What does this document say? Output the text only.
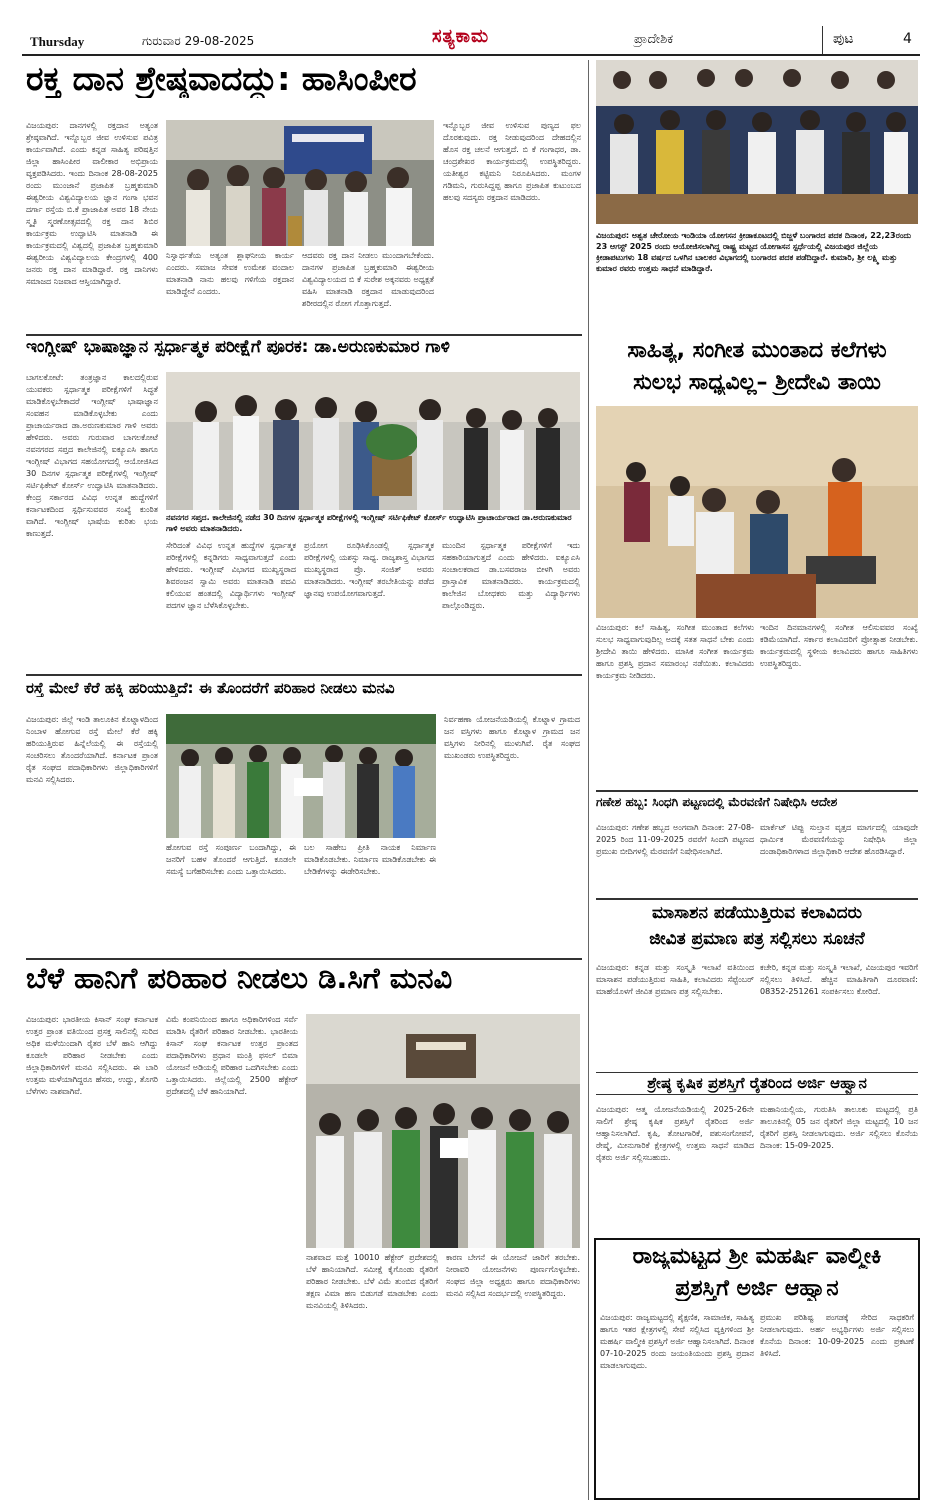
Thursday	ಗುರುವಾರ 29-08-2025	ಸತ್ಯಕಾಮ	ಪ್ರಾದೇಶಿಕ	ಪುಟ	4
ರಕ್ತ ದಾನ ಶ್ರೇಷ್ಠವಾದದ್ದು: ಹಾಸಿಂಪೀರ
ವಿಜಯಪುರ: ದಾನಗಳಲ್ಲಿ ರಕ್ತದಾನ ಅತ್ಯಂತ ಶ್ರೇಷ್ಠವಾಗಿದೆ. ಇನ್ನೊಬ್ಬರ ಜೀವ ಉಳಿಸುವ ಪವಿತ್ರ ಕಾರ್ಯವಾಗಿದೆ. ಎಂದು ಕನ್ನಡ ಸಾಹಿತ್ಯ ಪರಿಷತ್ತಿನ ಜಿಲ್ಲಾ ಹಾಸಿಂಪೀರ ವಾಲೀಕಾರ ಅಭಿಪ್ರಾಯ ವ್ಯಕ್ತಪಡಿಸಿದರು. ಇಂದು ದಿನಾಂಕ 28-08-2025 ರಂದು ಮುಂಜಾನೆ ಪ್ರಜಾಪಿತ ಬ್ರಹ್ಮಕುಮಾರಿ ಈಶ್ವರೀಯ ವಿಶ್ವವಿದ್ಯಾಲಯ ಜ್ಞಾನ ಗಂಗಾ ಭವನ ದರ್ಗಾ ರಸ್ತೆಯ ಬಿ.ಕೆ ಪ್ರಾಜಾಪಿತ ಅವರ 18 ನೇಯ ಸ್ಮೃತಿ ಸ್ಮರಣೋತ್ಸವದಲ್ಲಿ ರಕ್ತ ದಾನ ಶಿಬಿರ ಕಾರ್ಯಕ್ರಮ ಉದ್ಘಾಟಿಸಿ ಮಾತನಾಡಿ ಈ ಕಾರ್ಯಕ್ರಮದಲ್ಲಿ ವಿಶ್ವದಲ್ಲಿ ಪ್ರಜಾಪಿತ ಬ್ರಹ್ಮಕುಮಾರಿ ಈಶ್ವರೀಯ ವಿಶ್ವವಿದ್ಯಾಲಯ ಕೇಂದ್ರಗಳಲ್ಲಿ 400 ಜನರು ರಕ್ತ ದಾನ ಮಾಡಿದ್ದಾರೆ. ರಕ್ತ ದಾನಿಗಳು ಸಮಾಜದ ನಿಜವಾದ ಆಸ್ತಿಯಾಗಿದ್ದಾರೆ.
ನಿಸ್ವಾರ್ಥತೆಯ ಅತ್ಯಂತ ಶ್ಲಾಘನೀಯ ಕಾರ್ಯ ಎಂದರು. ಸಮಾಜ ಸೇವಕ ಉಮೇಶ ವಂದಾಲ ಮಾತನಾಡಿ ನಾನು ಹಲವು ಗಳಿಗೆಯ ರಕ್ತದಾನ ಮಾಡಿದ್ದೇನೆ ಎಂದರು.
ಆದವರು ರಕ್ತ ದಾನ ನೀಡಲು ಮುಂದಾಗಬೇಕೆಂದು. ದಾನಗಳ ಪ್ರಜಾಪಿತ ಬ್ರಹ್ಮಕುಮಾರಿ ಈಶ್ವರೀಯ ವಿಶ್ವವಿದ್ಯಾಲಯದ ಬಿ ಕೆ ಸುರೇಶ ಅಕ್ಕನವರು ಅಧ್ಯಕ್ಷತೆ ವಹಿಸಿ ಮಾತನಾಡಿ ರಕ್ತದಾನ ಮಾಡುವುದರಿಂದ ಶರೀರದಲ್ಲಿನ ರೋಗ ಗೊತ್ತಾಗುತ್ತದೆ.
ಇನ್ನೊಬ್ಬರ ಜೀವ ಉಳಿಸುವ ಪುಣ್ಯದ ಫಲ ದೊರಕುವುದು. ರಕ್ತ ನೀಡುವುದರಿಂದ ದೇಹದಲ್ಲಿನ ಹೊಸ ರಕ್ತ ಚಲನೆ ಆಗುತ್ತದೆ. ಬಿ ಕೆ ಗಂಗಾಧರ, ಡಾ. ಚಂದ್ರಶೇಖರ ಕಾರ್ಯಕ್ರಮದಲ್ಲಿ ಉಪಸ್ಥಿತರಿದ್ದರು. ಯತೀಶ್ವರ ಕಟ್ಟಿಮನಿ ನಿರೂಪಿಸಿದರು. ಮಂಗಳ ಗಡಿಮನಿ, ಗುರುಸಿದ್ದಪ್ಪ ಹಾಗೂ ಪ್ರಜಾಪಿತ ಕುಟುಂಬದ ಹಲವು ಸದಸ್ಯರು ರಕ್ತದಾನ ಮಾಡಿದರು.
ಇಂಗ್ಲೀಷ್ ಭಾಷಾಜ್ಞಾನ ಸ್ಪರ್ಧಾತ್ಮಕ ಪರೀಕ್ಷೆಗೆ ಪೂರಕ: ಡಾ.ಅರುಣಕುಮಾರ ಗಾಳಿ
ಬಾಗಲಕೋಟೆ: ತಂತ್ರಜ್ಞಾನ ಕಾಲದಲ್ಲಿರುವ ಯುವಕರು ಸ್ಪರ್ಧಾತ್ಮಕ ಪರೀಕ್ಷೆಗಳಿಗೆ ಸಿದ್ಧತೆ ಮಾಡಿಕೊಳ್ಳಬೇಕಾದರೆ ಇಂಗ್ಲೀಷ್ ಭಾಷಾಜ್ಞಾನ ಸಂವಹನ ಮಾಡಿಕೊಳ್ಳಬೇಕು ಎಂದು ಪ್ರಾಚಾರ್ಯರಾದ ಡಾ.ಅರುಣಕುಮಾರ ಗಾಳಿ ಅವರು ಹೇಳಿದರು. ಅವರು ಗುರುವಾರ ಬಾಗಲಕೋಟೆ ನವನಗರದ ಸಪ್ತದ ಕಾಲೇಜಿನಲ್ಲಿ ಐಕ್ಯೂಎಸಿ ಹಾಗೂ ಇಂಗ್ಲೀಷ್ ವಿಭಾಗದ ಸಹಯೋಗದಲ್ಲಿ ಆಯೋಜಿಸಿದ 30 ದಿನಗಳ ಸ್ಪರ್ಧಾತ್ಮಕ ಪರೀಕ್ಷೆಗಳಲ್ಲಿ ಇಂಗ್ಲೀಷ್ ಸರ್ಟಿಫಿಕೇಟ್ ಕೋರ್ಸ್ ಉದ್ಘಾಟಿಸಿ ಮಾತನಾಡಿದರು. ಕೇಂದ್ರ ಸರ್ಕಾರದ ವಿವಿಧ ಉನ್ನತ ಹುದ್ದೆಗಳಿಗೆ ಕರ್ನಾಟಕದಿಂದ ಸ್ಪರ್ಧಿಸುವವರ ಸಂಖ್ಯೆ ಕುಂಠಿತ ವಾಗಿದೆ. ಇಂಗ್ಲೀಷ್ ಭಾಷೆಯ ಕುರಿತು ಭಯ ಕಾಣುತ್ತದೆ.
ನವನಗರ ಸಪ್ತದ. ಕಾಲೇಜಿನಲ್ಲಿ ನಡೆದ 30 ದಿನಗಳ ಸ್ಪರ್ಧಾತ್ಮಕ ಪರೀಕ್ಷೆಗಳಲ್ಲಿ ಇಂಗ್ಲೀಷ್ ಸರ್ಟಿಫಿಕೇಟ್ ಕೋರ್ಸ್ ಉದ್ಘಾಟಿಸಿ ಪ್ರಾಚಾರ್ಯರಾದ ಡಾ.ಅರುಣಕುಮಾರ ಗಾಳಿ ಅವರು ಮಾತನಾಡಿದರು.
ಸೇರಿದಂತೆ ವಿವಿಧ ಉನ್ನತ ಹುದ್ದೆಗಳ ಸ್ಪರ್ಧಾತ್ಮಕ ಪರೀಕ್ಷೆಗಳಲ್ಲಿ ಕನ್ನಡಿಗರು ಸಾಧ್ಯವಾಗುತ್ತದೆ ಎಂದು ಹೇಳಿದರು. ಇಂಗ್ಲೀಷ್ ವಿಭಾಗದ ಮುಖ್ಯಸ್ಥರಾದ ಶಿವರಂಜನ ಸ್ವಾಮಿ ಅವರು ಮಾತನಾಡಿ ಪದವಿ ಕಲಿಯುವ ಹಂತದಲ್ಲಿ ವಿದ್ಯಾರ್ಥಿಗಳು ಇಂಗ್ಲೀಷ್ ಪದಗಳ ಜ್ಞಾನ ಬೆಳೆಸಿಕೊಳ್ಳಬೇಕು.
ಪ್ರಯೋಗ ರೂಢಿಸಿಕೊಂಡಲ್ಲಿ ಸ್ಪರ್ಧಾತ್ಮಕ ಪರೀಕ್ಷೆಗಳಲ್ಲಿ ಯಶಸ್ಸು ಸಾಧ್ಯ. ರಾಜ್ಯಶಾಸ್ತ್ರ ವಿಭಾಗದ ಮುಖ್ಯಸ್ಥರಾದ ಪ್ರೊ. ಸಂಜಿತ್ ಅವರು ಮಾತನಾಡಿದರು. ಇಂಗ್ಲೀಷ್ ತರಬೇತಿಯನ್ನು ಪಡೆದ ಜ್ಞಾನವು ಉಪಯೋಗವಾಗುತ್ತದೆ.
ಮುಂದಿನ ಸ್ಪರ್ಧಾತ್ಮಕ ಪರೀಕ್ಷೆಗಳಿಗೆ ಇದು ಸಹಕಾರಿಯಾಗುತ್ತದೆ ಎಂದು ಹೇಳಿದರು. ಐಕ್ಯೂಎಸಿ ಸಂಚಾಲಕರಾದ ಡಾ.ಬಸವರಾಜ ಬೀಳಗಿ ಅವರು ಪ್ರಾಸ್ತಾವಿಕ ಮಾತನಾಡಿದರು. ಕಾರ್ಯಕ್ರಮದಲ್ಲಿ ಕಾಲೇಜಿನ ಬೋಧಕರು ಮತ್ತು ವಿದ್ಯಾರ್ಥಿಗಳು ಪಾಲ್ಗೊಂಡಿದ್ದರು.
ರಸ್ತೆ ಮೇಲೆ ಕೆರೆ ಹಕ್ಕಿ ಹರಿಯುತ್ತಿದೆ: ಈ ತೊಂದರೆಗೆ ಪರಿಹಾರ ನೀಡಲು ಮನವಿ
ವಿಜಯಪುರ: ಜಿಲ್ಲೆ ಇಂಡಿ ತಾಲೂಕಿನ ಕೊಟ್ನಾಳದಿಂದ ನಿಂಬಾಳ ಹೋಗುವ ರಸ್ತೆ ಮೇಲೆ ಕೆರೆ ಹಕ್ಕಿ ಹರಿಯುತ್ತಿರುವ ಹಿನ್ನೆಲೆಯಲ್ಲಿ ಈ ರಸ್ತೆಯಲ್ಲಿ ಸಂಚರಿಸಲು ತೊಂದರೆಯಾಗಿದೆ. ಕರ್ನಾಟಕ ಪ್ರಾಂತ ರೈತ ಸಂಘದ ಪದಾಧಿಕಾರಿಗಳು ಜಿಲ್ಲಾಧಿಕಾರಿಗಳಿಗೆ ಮನವಿ ಸಲ್ಲಿಸಿದರು.
ಹೋಗುವ ರಸ್ತೆ ಸಂಪೂರ್ಣ ಬಂದಾಗಿದ್ದು, ಈ ಜನರಿಗೆ ಬಹಳ ತೊಂದರೆ ಆಗುತ್ತಿದೆ. ಕೂಡಲೇ ಸಮಸ್ಯೆ ಬಗೆಹರಿಸಬೇಕು ಎಂದು ಒತ್ತಾಯಿಸಿದರು.
ಬಲ ಸಾಹೇಬ ಪ್ರೀತಿ ನಾಯಕ ನಿರ್ಮಾಣ ಮಾಡಿಕೊಡಬೇಕು. ನಿರ್ಮಾಣ ಮಾಡಿಕೊಡಬೇಕು ಈ ಬೇಡಿಕೆಗಳನ್ನು ಈಡೇರಿಸಬೇಕು.
ನಿರ್ವಹಣಾ ಯೋಜನೆಯಡಿಯಲ್ಲಿ ಕೊಟ್ನಾಳ ಗ್ರಾಮದ ಜನ ವಸ್ತಿಗಳು ಹಾಗೂ ಕೊಟ್ನಾಳ ಗ್ರಾಮದ ಜನ ವಸ್ತಿಗಳು ನೀರಿನಲ್ಲಿ ಮುಳುಗಿವೆ. ರೈತ ಸಂಘದ ಮುಖಂಡರು ಉಪಸ್ಥಿತರಿದ್ದರು.
ಬೆಳೆ ಹಾನಿಗೆ ಪರಿಹಾರ ನೀಡಲು ಡಿ.ಸಿಗೆ ಮನವಿ
ವಿಜಯಪುರ: ಭಾರತೀಯ ಕಿಸಾನ್ ಸಂಘ ಕರ್ನಾಟಕ ಉತ್ತರ ಪ್ರಾಂತ ವತಿಯಿಂದ ಪ್ರಸಕ್ತ ಸಾಲಿನಲ್ಲಿ ಸುರಿದ ಅಧಿಕ ಮಳೆಯಿಂದಾಗಿ ರೈತರ ಬೆಳೆ ಹಾನಿ ಆಗಿದ್ದು ಕೂಡಲೇ ಪರಿಹಾರ ನೀಡಬೇಕು ಎಂದು ಜಿಲ್ಲಾಧಿಕಾರಿಗಳಿಗೆ ಮನವಿ ಸಲ್ಲಿಸಿದರು. ಈ ಬಾರಿ ಉತ್ತಮ ಮಳೆಯಾಗಿದ್ದರೂ ಹೆಸರು, ಉದ್ದು, ತೊಗರಿ ಬೆಳೆಗಳು ನಾಶವಾಗಿವೆ.
ವಿಮೆ ಕಂಪನಿಯಿಂದ ಹಾಗೂ ಅಧಿಕಾರಿಗಳಿಂದ ಸರ್ವೆ ಮಾಡಿಸಿ ರೈತರಿಗೆ ಪರಿಹಾರ ನೀಡಬೇಕು. ಭಾರತೀಯ ಕಿಸಾನ್ ಸಂಘ ಕರ್ನಾಟಕ ಉತ್ತರ ಪ್ರಾಂತದ ಪದಾಧಿಕಾರಿಗಳು ಪ್ರಧಾನ ಮಂತ್ರಿ ಫಸಲ್ ಬಿಮಾ ಯೋಜನೆ ಅಡಿಯಲ್ಲಿ ಪರಿಹಾರ ಒದಗಿಸಬೇಕು ಎಂದು ಒತ್ತಾಯಿಸಿದರು. ಜಿಲ್ಲೆಯಲ್ಲಿ 2500 ಹೆಕ್ಟೇರ್ ಪ್ರದೇಶದಲ್ಲಿ ಬೆಳೆ ಹಾನಿಯಾಗಿದೆ.
ನಾಶವಾದ ಮತ್ತೆ 10010 ಹೆಕ್ಟೇರ್ ಪ್ರದೇಶದಲ್ಲಿ ಬೆಳೆ ಹಾನಿಯಾಗಿದೆ. ಸಮೀಕ್ಷೆ ಕೈಗೊಂಡು ರೈತರಿಗೆ ಪರಿಹಾರ ನೀಡಬೇಕು. ಬೆಳೆ ವಿಮೆ ತುಂಬಿದ ರೈತರಿಗೆ ತಕ್ಷಣ ವಿಮಾ ಹಣ ಬಿಡುಗಡೆ ಮಾಡಬೇಕು ಎಂದು ಮನವಿಯಲ್ಲಿ ತಿಳಿಸಿದರು.
ಕಾರಣ ಬೇಗನೆ ಈ ಯೋಜನೆ ಜಾರಿಗೆ ತರಬೇಕು. ನೀರಾವರಿ ಯೋಜನೆಗಳು ಪೂರ್ಣಗೊಳ್ಳಬೇಕು. ಸಂಘದ ಜಿಲ್ಲಾ ಅಧ್ಯಕ್ಷರು ಹಾಗೂ ಪದಾಧಿಕಾರಿಗಳು ಮನವಿ ಸಲ್ಲಿಸಿದ ಸಂದರ್ಭದಲ್ಲಿ ಉಪಸ್ಥಿತರಿದ್ದರು.
ವಿಜಯಪುರ: ಅಶ್ವತ ಚೇರೋಯ ಇಂಡಿಯಾ ಯೋಗಸನ ಕ್ರೀಡಾಕೂಟದಲ್ಲಿ ಬಿಜ್ಜಳೆ ಬಂಗಾರದ ಪದಕ ದಿನಾಂಕ, 22,23ರಂದು 23 ಆಗಸ್ಟ್ 2025 ರಂದು ಆಯೋಜಿಸಲಾಗಿದ್ದ ರಾಷ್ಟ್ರ ಮಟ್ಟದ ಯೋಗಾಸನ ಸ್ಪರ್ಧೆಯಲ್ಲಿ ವಿಜಯಪುರ ಜಿಲ್ಲೆಯ ಕ್ರೀಡಾಪಟುಗಳು 18 ವರ್ಷದ ಒಳಗಿನ ಬಾಲಕರ ವಿಭಾಗದಲ್ಲಿ ಬಂಗಾರದ ಪದಕ ಪಡೆದಿದ್ದಾರೆ. ಕುಮಾರಿ, ಶ್ರೀ ಲಕ್ಷ್ಮಿ ಮತ್ತು ಕುಮಾರ ರವರು ಉತ್ತಮ ಸಾಧನೆ ಮಾಡಿದ್ದಾರೆ.
ಸಾಹಿತ್ಯ, ಸಂಗೀತ ಮುಂತಾದ ಕಲೆಗಳು
ಸುಲಭ ಸಾಧ್ಯವಿಲ್ಲ– ಶ್ರೀದೇವಿ ತಾಯಿ
ವಿಜಯಪುರ: ಕಲೆ ಸಾಹಿತ್ಯ, ಸಂಗೀತ ಮುಂತಾದ ಕಲೆಗಳು ಸುಲಭ ಸಾಧ್ಯವಾಗುವುದಿಲ್ಲ ಅದಕ್ಕೆ ಸತತ ಸಾಧನೆ ಬೇಕು ಎಂದು ಶ್ರೀದೇವಿ ತಾಯಿ ಹೇಳಿದರು. ಮಾಸಿಕ ಸಂಗೀತ ಕಾರ್ಯಕ್ರಮ ಹಾಗೂ ಪ್ರಶಸ್ತಿ ಪ್ರದಾನ ಸಮಾರಂಭ ನಡೆಯಿತು. ಕಲಾವಿದರು ಕಾರ್ಯಕ್ರಮ ನೀಡಿದರು.
ಇಂದಿನ ದಿನಮಾನಗಳಲ್ಲಿ ಸಂಗೀತ ಆಲಿಸುವವರ ಸಂಖ್ಯೆ ಕಡಿಮೆಯಾಗಿದೆ. ಸರ್ಕಾರ ಕಲಾವಿದರಿಗೆ ಪ್ರೋತ್ಸಾಹ ನೀಡಬೇಕು. ಕಾರ್ಯಕ್ರಮದಲ್ಲಿ ಸ್ಥಳೀಯ ಕಲಾವಿದರು ಹಾಗೂ ಸಾಹಿತಿಗಳು ಉಪಸ್ಥಿತರಿದ್ದರು.
ಗಣೇಶ ಹಬ್ಬ: ಸಿಂಧಗಿ ಪಟ್ಟಣದಲ್ಲಿ ಮೆರವಣಿಗೆ ನಿಷೇಧಿಸಿ ಆದೇಶ
ವಿಜಯಪುರ: ಗಣೇಶ ಹಬ್ಬದ ಅಂಗವಾಗಿ ದಿನಾಂಕ: 27-08-2025 ರಿಂದ 11-09-2025 ರವರೆಗೆ ಸಿಂದಗಿ ಪಟ್ಟಣದ ಪ್ರಮುಖ ಬೀದಿಗಳಲ್ಲಿ ಮೆರವಣಿಗೆ ನಿಷೇಧಿಸಲಾಗಿದೆ.
ಮಾರ್ಕೆಟ್ ಟಿಪ್ಪು ಸುಲ್ತಾನ ವೃತ್ತದ ಮಾರ್ಗದಲ್ಲಿ ಯಾವುದೇ ಧಾರ್ಮಿಕ ಮೆರವಣಿಗೆಯನ್ನು ನಿಷೇಧಿಸಿ ಜಿಲ್ಲಾ ದಂಡಾಧಿಕಾರಿಗಳಾದ ಜಿಲ್ಲಾಧಿಕಾರಿ ಆದೇಶ ಹೊರಡಿಸಿದ್ದಾರೆ.
ಮಾಸಾಶನ ಪಡೆಯುತ್ತಿರುವ ಕಲಾವಿದರು
ಜೀವಿತ ಪ್ರಮಾಣ ಪತ್ರ ಸಲ್ಲಿಸಲು ಸೂಚನೆ
ವಿಜಯಪುರ: ಕನ್ನಡ ಮತ್ತು ಸಂಸ್ಕೃತಿ ಇಲಾಖೆ ವತಿಯಿಂದ ಮಾಸಾಶನ ಪಡೆಯುತ್ತಿರುವ ಸಾಹಿತಿ, ಕಲಾವಿದರು ಸೆಪ್ಟೆಂಬರ್ ಮಾಹೆಯೊಳಗೆ ಜೀವಿತ ಪ್ರಮಾಣ ಪತ್ರ ಸಲ್ಲಿಸಬೇಕು.
ಕಚೇರಿ, ಕನ್ನಡ ಮತ್ತು ಸಂಸ್ಕೃತಿ ಇಲಾಖೆ, ವಿಜಯಪುರ ಇವರಿಗೆ ಸಲ್ಲಿಸಲು ತಿಳಿಸಿದೆ. ಹೆಚ್ಚಿನ ಮಾಹಿತಿಗಾಗಿ ದೂರವಾಣಿ: 08352-251261 ಸಂಪರ್ಕಿಸಲು ಕೋರಿದೆ.
ಶ್ರೇಷ್ಠ ಕೃಷಿಕ ಪ್ರಶಸ್ತಿಗೆ ರೈತರಿಂದ ಅರ್ಜಿ ಆಹ್ವಾನ
ವಿಜಯಪುರ: ಆತ್ಮ ಯೋಜನೆಯಡಿಯಲ್ಲಿ 2025-26ನೇ ಸಾಲಿಗೆ ಶ್ರೇಷ್ಠ ಕೃಷಿಕ ಪ್ರಶಸ್ತಿಗೆ ರೈತರಿಂದ ಅರ್ಜಿ ಆಹ್ವಾನಿಸಲಾಗಿದೆ. ಕೃಷಿ, ತೋಟಗಾರಿಕೆ, ಪಶುಸಂಗೋಪನೆ, ರೇಷ್ಮೆ, ಮೀನುಗಾರಿಕೆ ಕ್ಷೇತ್ರಗಳಲ್ಲಿ ಉತ್ತಮ ಸಾಧನೆ ಮಾಡಿದ ರೈತರು ಅರ್ಜಿ ಸಲ್ಲಿಸಬಹುದು.
ಮಹಾನಿಯಲ್ಲಿಯ, ಗುರುತಿಸಿ ತಾಲೂಕು ಮಟ್ಟದಲ್ಲಿ ಪ್ರತಿ ತಾಲೂಕಿನಲ್ಲಿ 05 ಜನ ರೈತರಿಗೆ ಜಿಲ್ಲಾ ಮಟ್ಟದಲ್ಲಿ 10 ಜನ ರೈತರಿಗೆ ಪ್ರಶಸ್ತಿ ನೀಡಲಾಗುವುದು. ಅರ್ಜಿ ಸಲ್ಲಿಸಲು ಕೊನೆಯ ದಿನಾಂಕ: 15-09-2025.
ರಾಜ್ಯಮಟ್ಟದ ಶ್ರೀ ಮಹರ್ಷಿ ವಾಲ್ಮೀಕಿ
ಪ್ರಶಸ್ತಿಗೆ ಅರ್ಜಿ ಆಹ್ವಾನ
ವಿಜಯಪುರ: ರಾಜ್ಯಮಟ್ಟದಲ್ಲಿ ಶೈಕ್ಷಣಿಕ, ಸಾಮಾಜಿಕ, ಸಾಹಿತ್ಯ ಹಾಗೂ ಇತರ ಕ್ಷೇತ್ರಗಳಲ್ಲಿ ಸೇವೆ ಸಲ್ಲಿಸಿದ ವ್ಯಕ್ತಿಗಳಿಂದ ಶ್ರೀ ಮಹರ್ಷಿ ವಾಲ್ಮೀಕಿ ಪ್ರಶಸ್ತಿಗೆ ಅರ್ಜಿ ಆಹ್ವಾನಿಸಲಾಗಿದೆ. ದಿನಾಂಕ 07-10-2025 ರಂದು ಜಯಂತಿಯಂದು ಪ್ರಶಸ್ತಿ ಪ್ರದಾನ ಮಾಡಲಾಗುವುದು.
ಪ್ರಮುಖ ಪರಿಶಿಷ್ಟ ಪಂಗಡಕ್ಕೆ ಸೇರಿದ ಸಾಧಕರಿಗೆ ನೀಡಲಾಗುವುದು. ಅರ್ಹ ಅಭ್ಯರ್ಥಿಗಳು ಅರ್ಜಿ ಸಲ್ಲಿಸಲು ಕೊನೆಯ ದಿನಾಂಕ: 10-09-2025 ಎಂದು ಪ್ರಕಟಣೆ ತಿಳಿಸಿದೆ.
